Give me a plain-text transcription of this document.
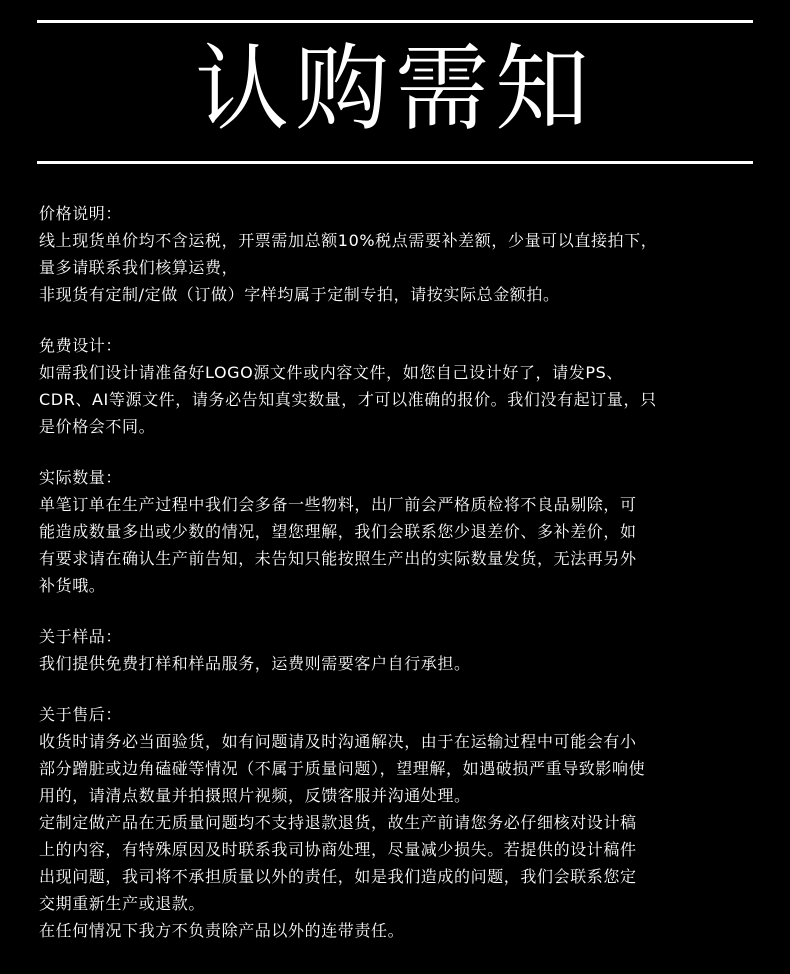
认购需知
价格说明：
线上现货单价均不含运税，开票需加总额10%税点需要补差额，少量可以直接拍下，
量多请联系我们核算运费，
非现货有定制/定做（订做）字样均属于定制专拍，请按实际总金额拍。
免费设计：
如需我们设计请准备好LOGO源文件或内容文件，如您自己设计好了，请发PS、
CDR、AI等源文件，请务必告知真实数量，才可以准确的报价。我们没有起订量，只
是价格会不同。
实际数量：
单笔订单在生产过程中我们会多备一些物料，出厂前会严格质检将不良品剔除，可
能造成数量多出或少数的情况，望您理解，我们会联系您少退差价、多补差价，如
有要求请在确认生产前告知，未告知只能按照生产出的实际数量发货，无法再另外
补货哦。
关于样品：
我们提供免费打样和样品服务，运费则需要客户自行承担。
关于售后：
收货时请务必当面验货，如有问题请及时沟通解决，由于在运输过程中可能会有小
部分蹭脏或边角磕碰等情况（不属于质量问题），望理解，如遇破损严重导致影响使
用的，请清点数量并拍摄照片视频，反馈客服并沟通处理。
定制定做产品在无质量问题均不支持退款退货，故生产前请您务必仔细核对设计稿
上的内容，有特殊原因及时联系我司协商处理，尽量减少损失。若提供的设计稿件
出现问题，我司将不承担质量以外的责任，如是我们造成的问题，我们会联系您定
交期重新生产或退款。
在任何情况下我方不负责除产品以外的连带责任。
